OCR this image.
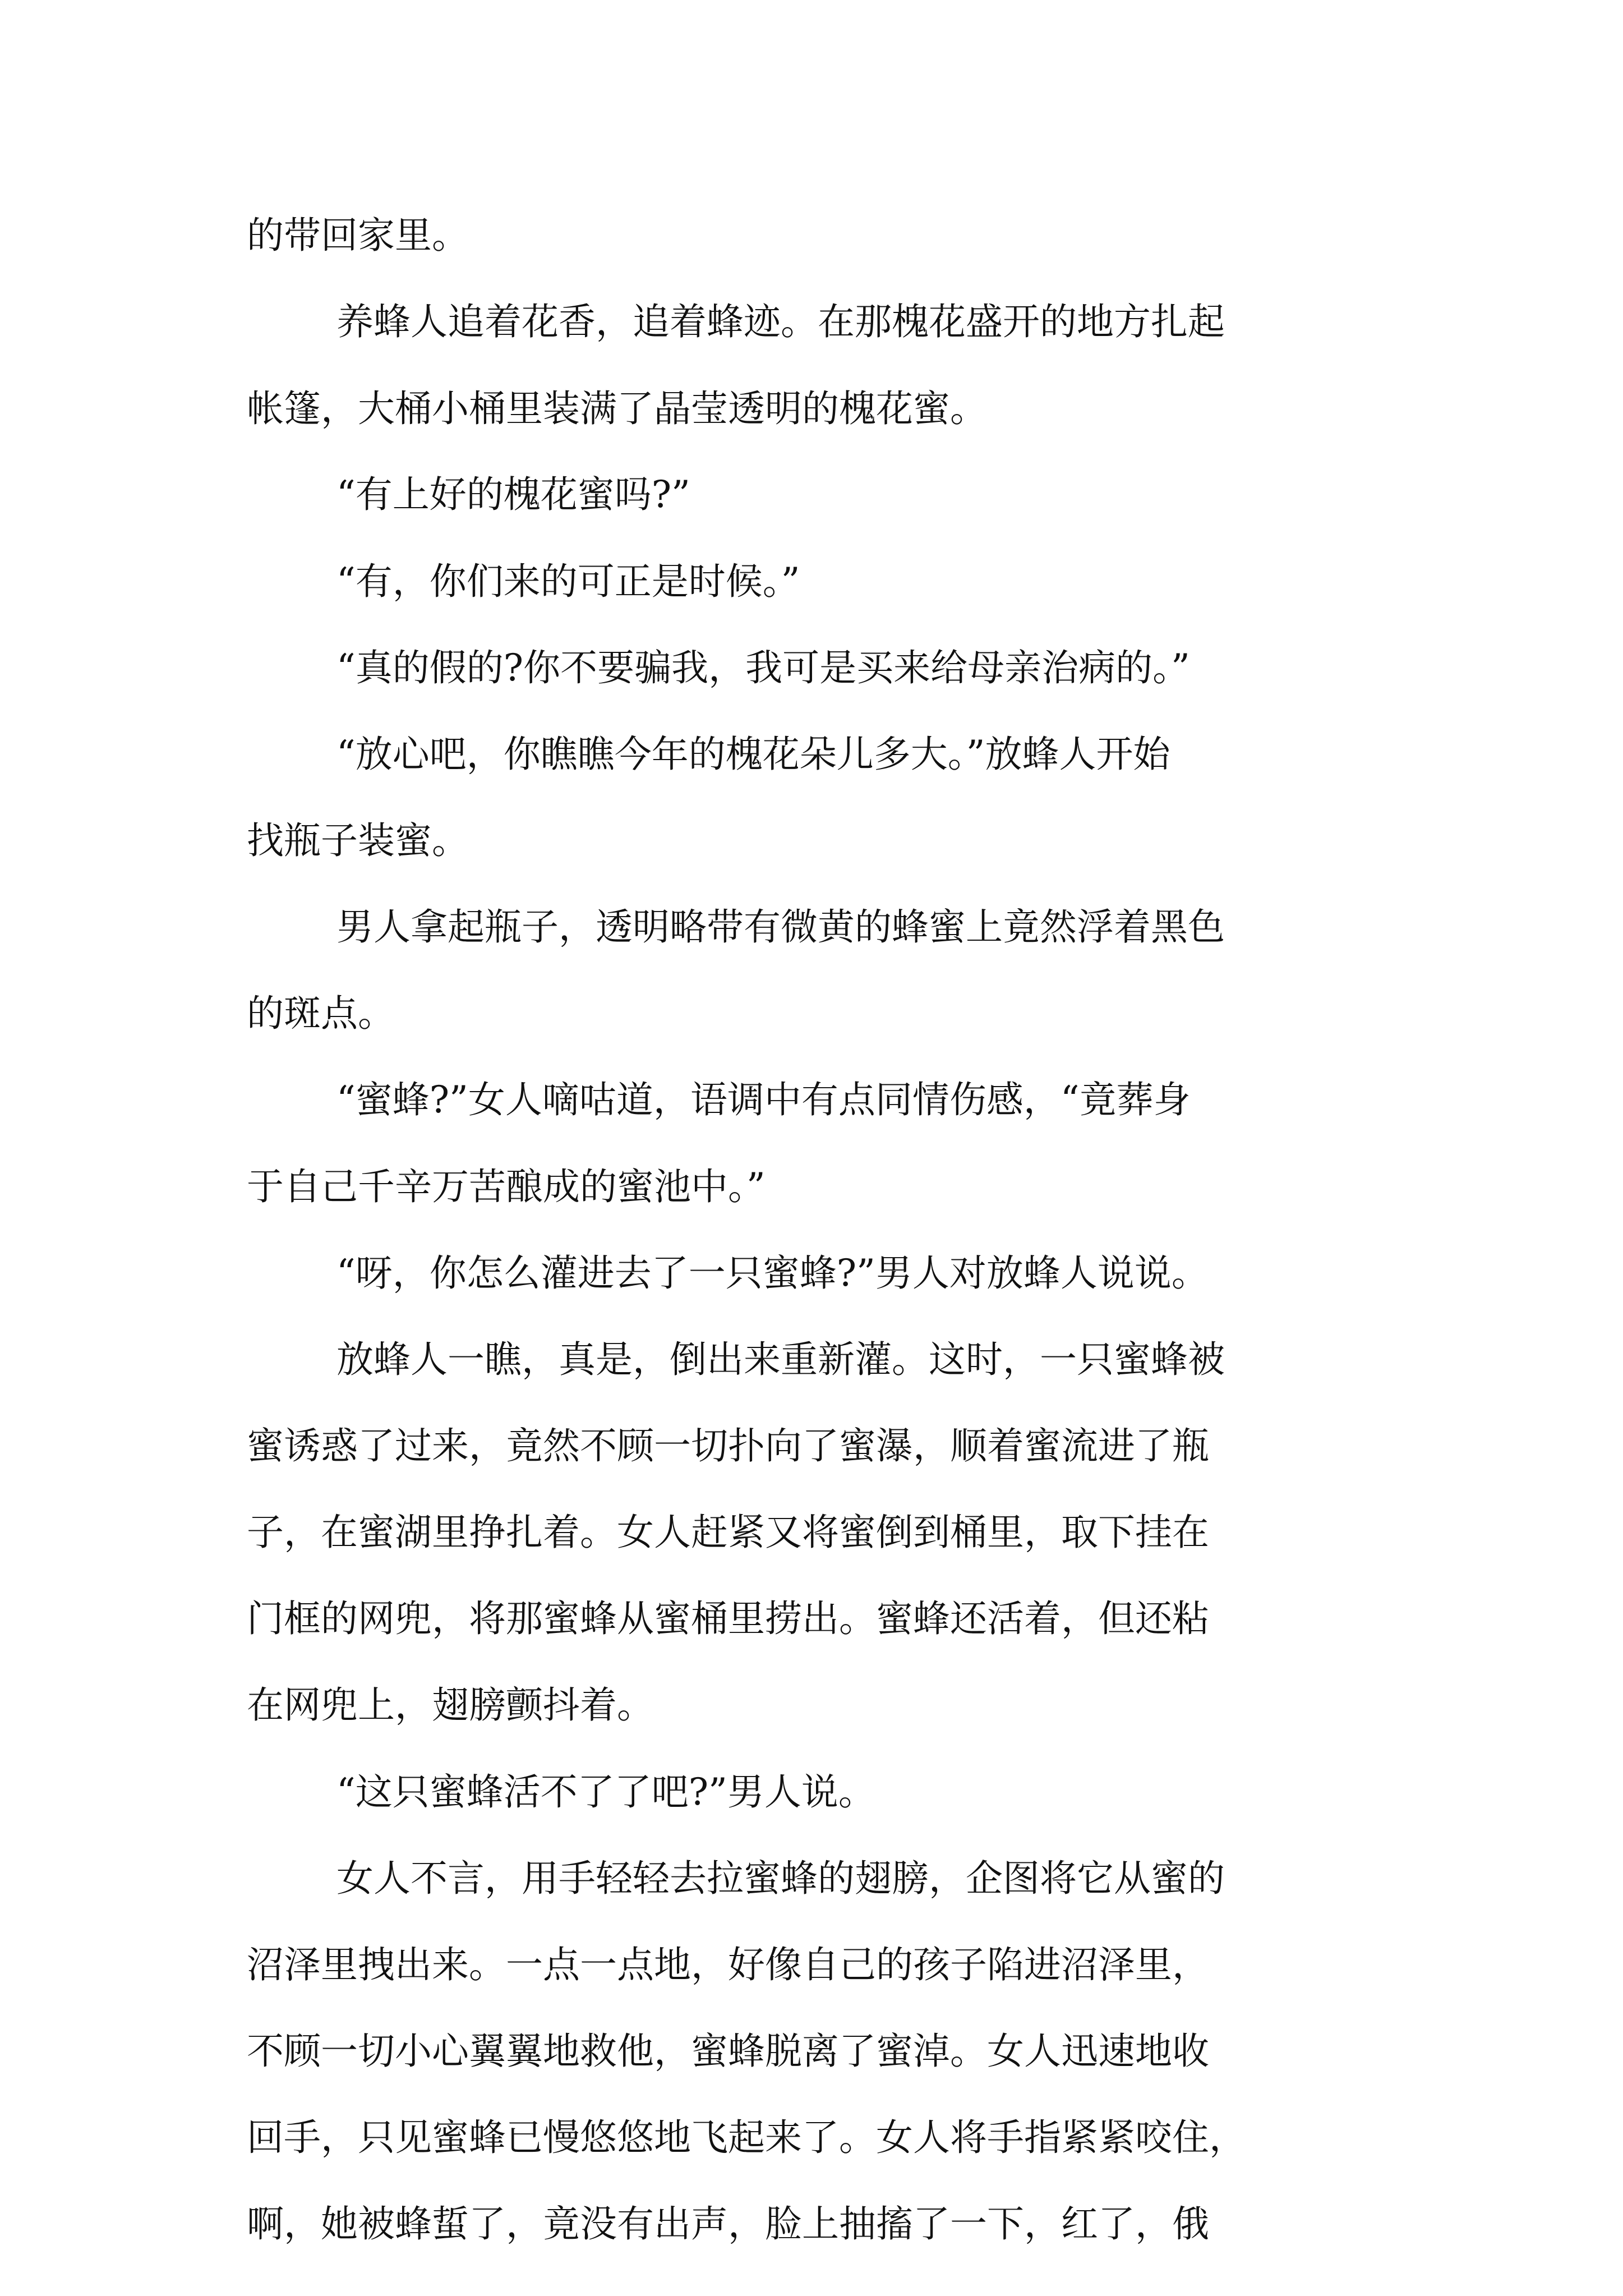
的带回家里。

养蜂人追着花香，追着蜂迹。在那槐花盛开的地方扎起

帐篷，大桶小桶里装满了晶莹透明的槐花蜜。

“有上好的槐花蜜吗?”

“有，你们来的可正是时候。”

“真的假的?你不要骗我，我可是买来给母亲治病的。”

“放心吧，你瞧瞧今年的槐花朵儿多大。”放蜂人开始

找瓶子装蜜。

男人拿起瓶子，透明略带有微黄的蜂蜜上竟然浮着黑色

的斑点。

“蜜蜂?”女人嘀咕道，语调中有点同情伤感，“竟葬身

于自己千辛万苦酿成的蜜池中。”

“呀，你怎么灌进去了一只蜜蜂?”男人对放蜂人说说。

放蜂人一瞧，真是，倒出来重新灌。这时，一只蜜蜂被

蜜诱惑了过来，竟然不顾一切扑向了蜜瀑，顺着蜜流进了瓶

子，在蜜湖里挣扎着。女人赶紧又将蜜倒到桶里，取下挂在

门框的网兜，将那蜜蜂从蜜桶里捞出。蜜蜂还活着，但还粘

在网兜上，翅膀颤抖着。

“这只蜜蜂活不了了吧?”男人说。

女人不言，用手轻轻去拉蜜蜂的翅膀，企图将它从蜜的

沼泽里拽出来。一点一点地，好像自己的孩子陷进沼泽里，

不顾一切小心翼翼地救他，蜜蜂脱离了蜜淖。女人迅速地收

回手，只见蜜蜂已慢悠悠地飞起来了。女人将手指紧紧咬住，

啊，她被蜂蜇了，竟没有出声，脸上抽搐了一下，红了，俄
